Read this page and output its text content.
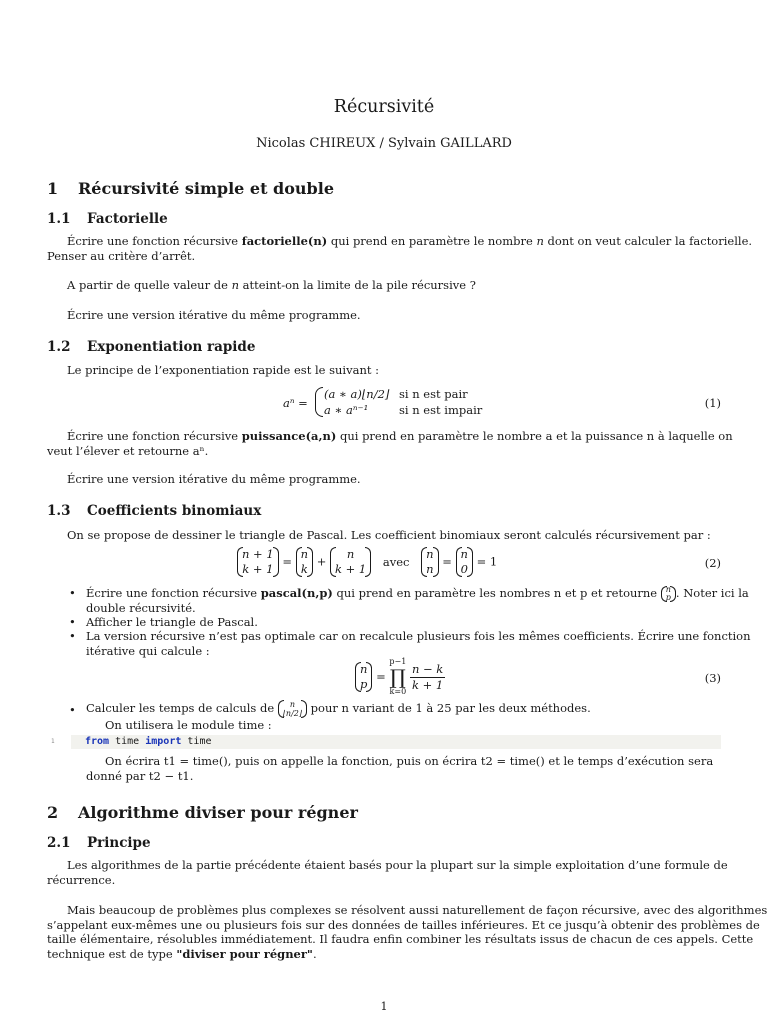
Récursivité
Nicolas CHIREUX / Sylvain GAILLARD
1 Récursivité simple et double
1.1 Factorielle
Écrire une fonction récursive factorielle(n) qui prend en paramètre le nombre n dont on veut calculer la factorielle.
Penser au critère d’arrêt.
A partir de quelle valeur de n atteint-on la limite de la pile récursive ?
Écrire une version itérative du même programme.
1.2 Exponentiation rapide
Le principe de l’exponentiation rapide est le suivant :
aⁿ =
(a ∗ a)⌊n/2⌋ si n est pair
a ∗ aⁿ⁻¹	si n est impair	(1)
Écrire une fonction récursive puissance(a,n) qui prend en paramètre le nombre a et la puissance n à laquelle on
veut l’élever et retourne aⁿ.
Écrire une version itérative du même programme.
1.3 Coefficients binomiaux
On se propose de dessiner le triangle de Pascal. Les coefficient binomiaux seront calculés récursivement par :
n + 1
k + 1
=
n
k
+
n
k + 1
avec
n
n
=
n
0
= 1	(2)
• Écrire une fonction récursive pascal(n,p) qui prend en paramètre les nombres n et p et retourne n
p . Noter ici la
double récursivité.
• Afficher le triangle de Pascal.
• La version récursive n’est pas optimale car on recalcule plusieurs fois les mêmes coefficients. Écrire une fonction
itérative qui calcule :
n
p
=
p−1
∏
k=0
$\frac{n - k}{k + 1}$	(3)
• Calculer les temps de calculs de	n
⌊n/2⌋ pour n variant de 1 à 25 par les deux méthodes.
On utilisera le module time :
1	from time import time
On écrira t1 = time(), puis on appelle la fonction, puis on écrira t2 = time() et le temps d’exécution sera
donné par t2 − t1.
2 Algorithme diviser pour régner
2.1 Principe
Les algorithmes de la partie précédente étaient basés pour la plupart sur la simple exploitation d’une formule de
récurrence.
Mais beaucoup de problèmes plus complexes se résolvent aussi naturellement de façon récursive, avec des algorithmes
s’appelant eux-mêmes une ou plusieurs fois sur des données de tailles inférieures. Et ce jusqu’à obtenir des problèmes de
taille élémentaire, résolubles immédiatement. Il faudra enfin combiner les résultats issus de chacun de ces appels. Cette
technique est de type "diviser pour régner".
1
